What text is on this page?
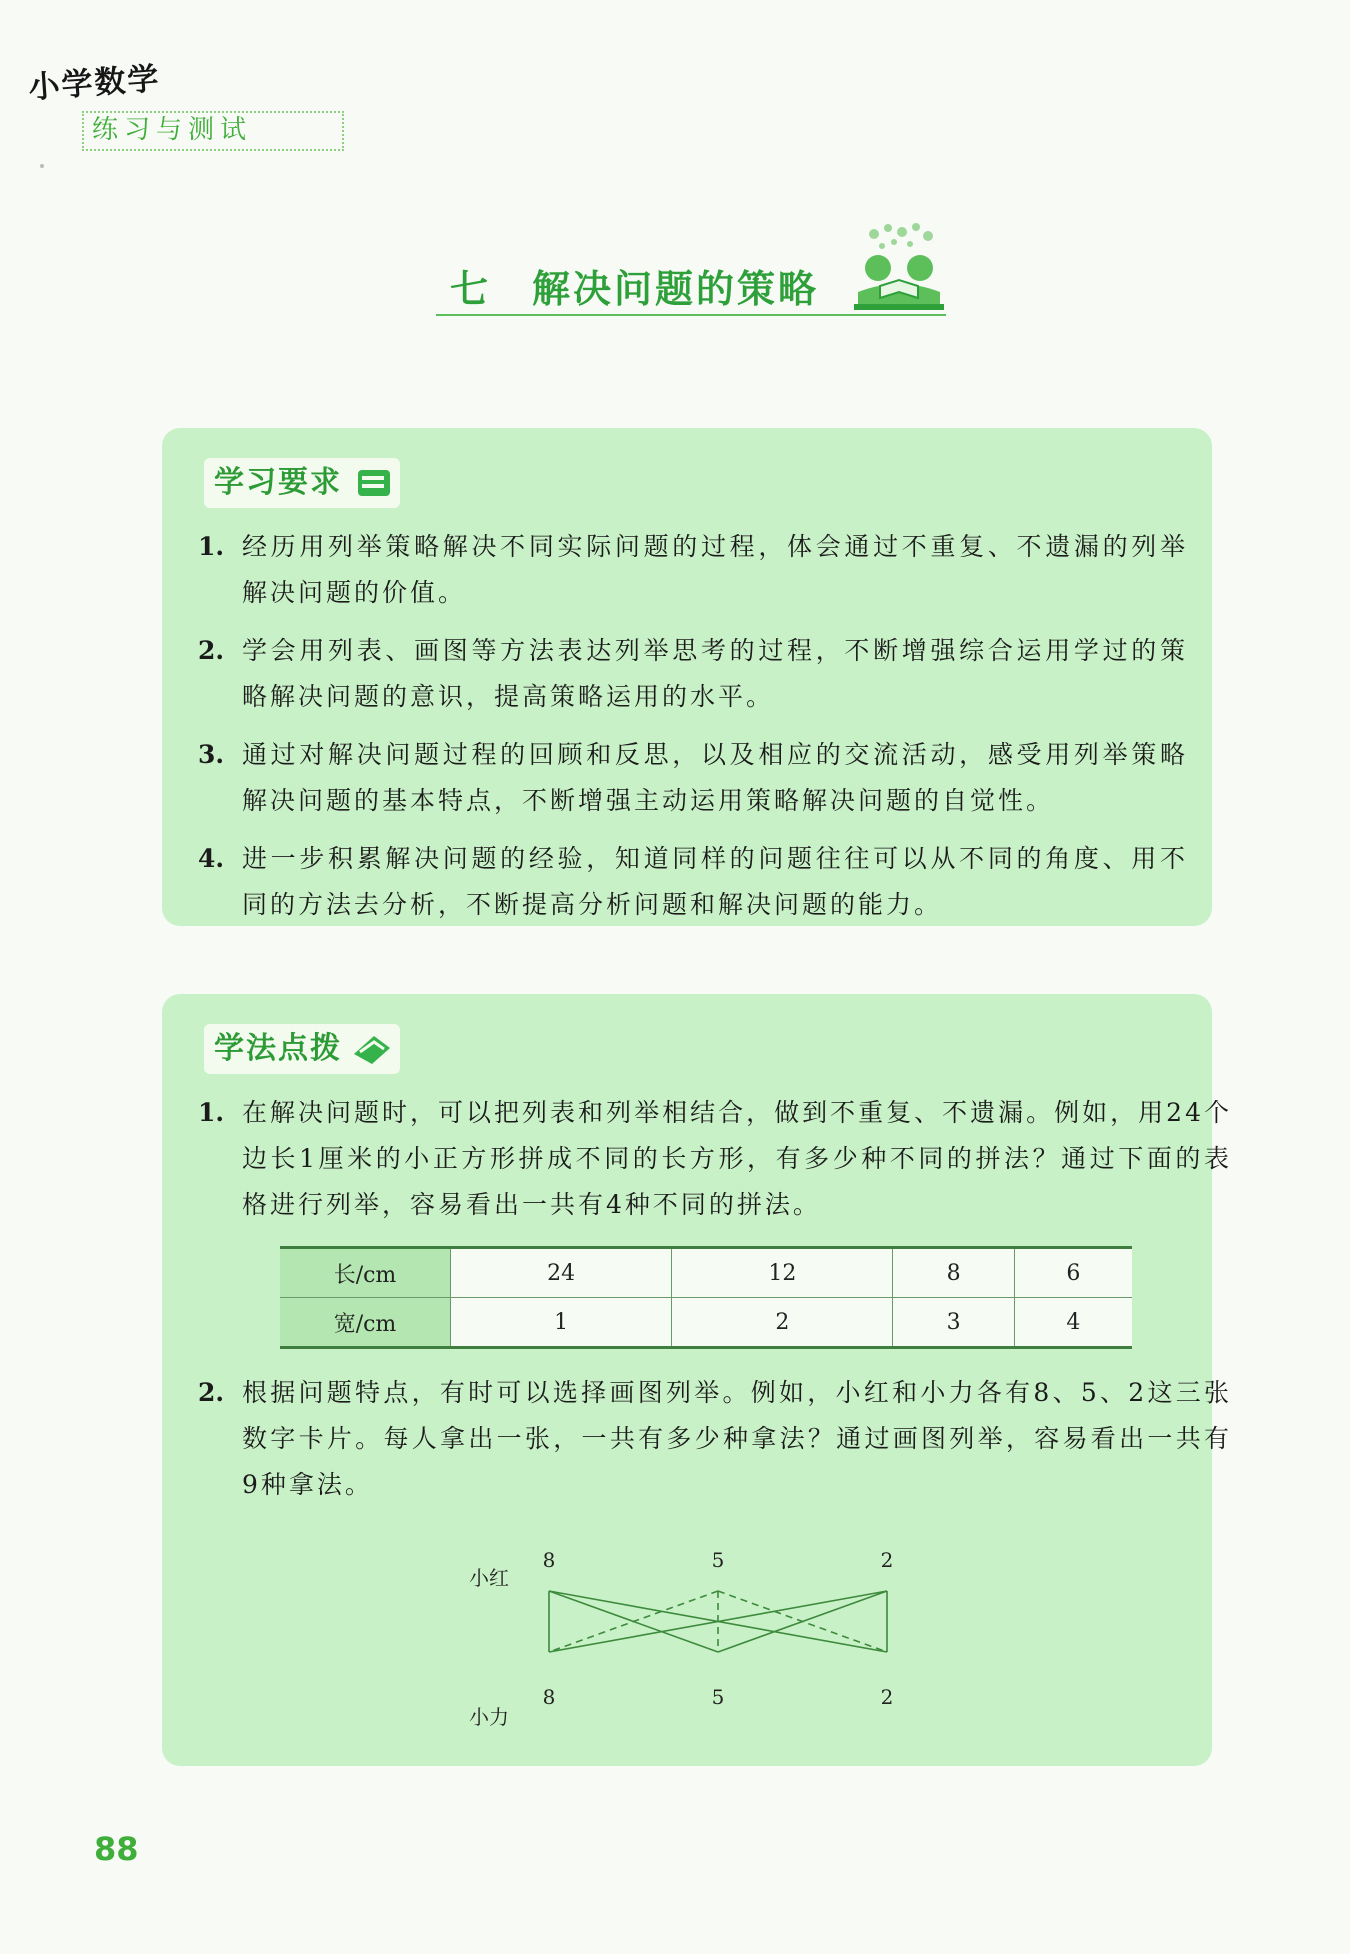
小学数学
练习与测试
七　解决问题的策略
学习要求
1. 经历用列举策略解决不同实际问题的过程，体会通过不重复、不遗漏的列举解决问题的价值。
2. 学会用列表、画图等方法表达列举思考的过程，不断增强综合运用学过的策略解决问题的意识，提高策略运用的水平。
3. 通过对解决问题过程的回顾和反思，以及相应的交流活动，感受用列举策略解决问题的基本特点，不断增强主动运用策略解决问题的自觉性。
4. 进一步积累解决问题的经验，知道同样的问题往往可以从不同的角度、用不同的方法去分析，不断提高分析问题和解决问题的能力。
学法点拨
1. 在解决问题时，可以把列表和列举相结合，做到不重复、不遗漏。例如，用24个边长1厘米的小正方形拼成不同的长方形，有多少种不同的拼法？通过下面的表格进行列举，容易看出一共有4种不同的拼法。
长/cm	24	12	8	6
宽/cm	1	2	3	4
2. 根据问题特点，有时可以选择画图列举。例如，小红和小力各有8、5、2这三张数字卡片。每人拿出一张，一共有多少种拿法？通过画图列举，容易看出一共有9种拿法。
小红
小力
8	5	2
8	5	2
88
